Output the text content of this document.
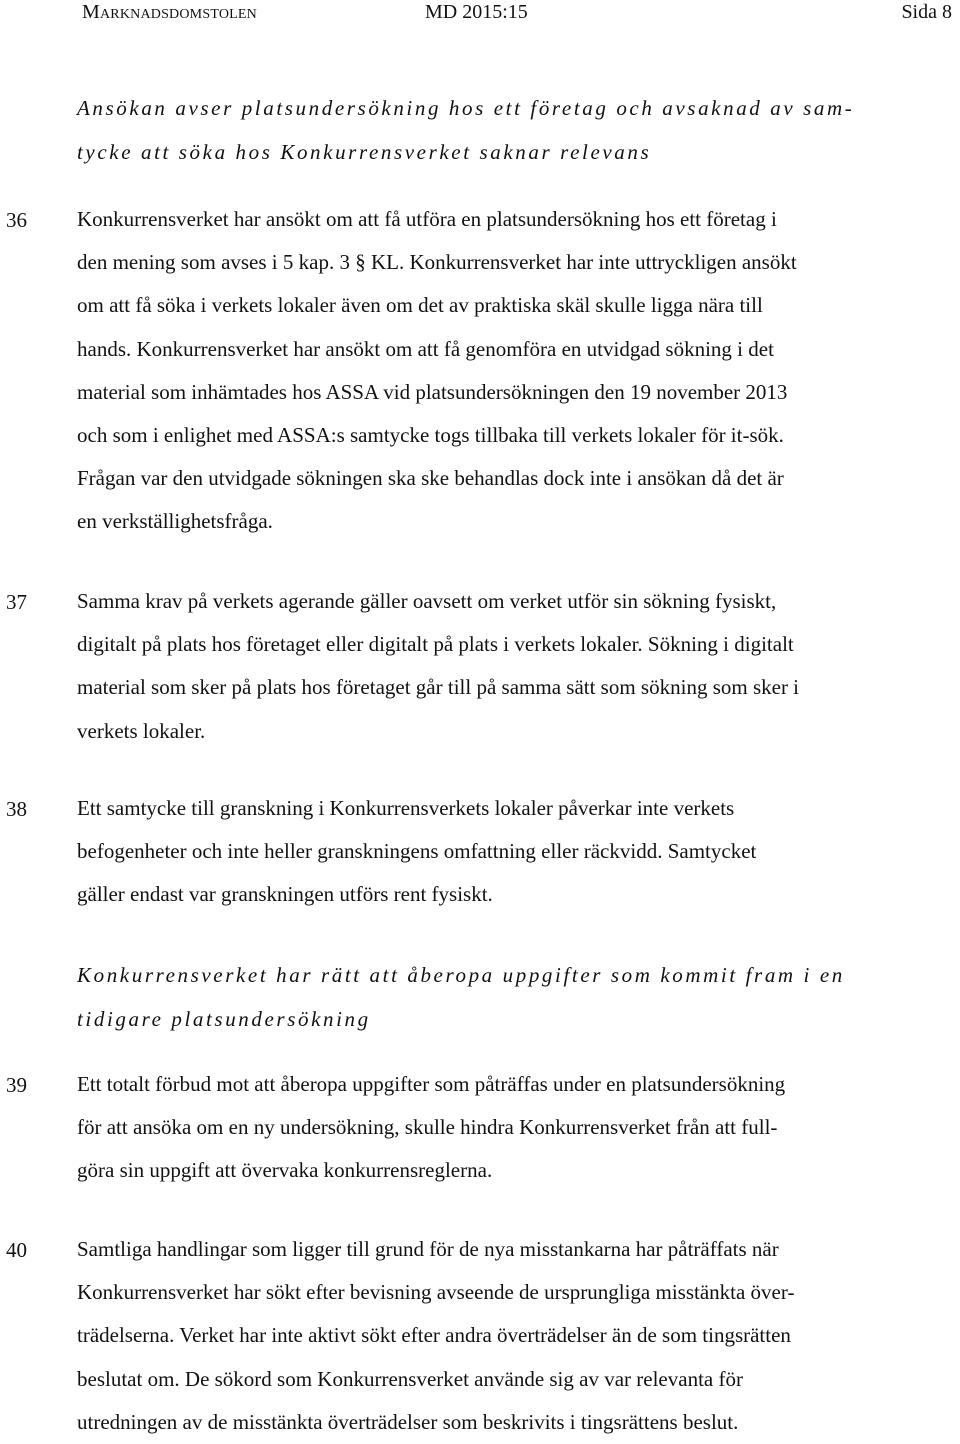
Marknadsdomstolen	MD 2015:15	Sida 8
Ansökan avser platsundersökning hos ett företag och avsaknad av sam-
tycke att söka hos Konkurrensverket saknar relevans
36 Konkurrensverket har ansökt om att få utföra en platsundersökning hos ett företag i
den mening som avses i 5 kap. 3 § KL. Konkurrensverket har inte uttryckligen ansökt
om att få söka i verkets lokaler även om det av praktiska skäl skulle ligga nära till
hands. Konkurrensverket har ansökt om att få genomföra en utvidgad sökning i det
material som inhämtades hos ASSA vid platsundersökningen den 19 november 2013
och som i enlighet med ASSA:s samtycke togs tillbaka till verkets lokaler för it-sök.
Frågan var den utvidgade sökningen ska ske behandlas dock inte i ansökan då det är
en verkställighetsfråga.
37 Samma krav på verkets agerande gäller oavsett om verket utför sin sökning fysiskt,
digitalt på plats hos företaget eller digitalt på plats i verkets lokaler. Sökning i digitalt
material som sker på plats hos företaget går till på samma sätt som sökning som sker i
verkets lokaler.
38 Ett samtycke till granskning i Konkurrensverkets lokaler påverkar inte verkets
befogenheter och inte heller granskningens omfattning eller räckvidd. Samtycket
gäller endast var granskningen utförs rent fysiskt.
Konkurrensverket har rätt att åberopa uppgifter som kommit fram i en
tidigare platsundersökning
39 Ett totalt förbud mot att åberopa uppgifter som påträffas under en platsundersökning
för att ansöka om en ny undersökning, skulle hindra Konkurrensverket från att full-
göra sin uppgift att övervaka konkurrensreglerna.
40 Samtliga handlingar som ligger till grund för de nya misstankarna har påträffats när
Konkurrensverket har sökt efter bevisning avseende de ursprungliga misstänkta över-
trädelserna. Verket har inte aktivt sökt efter andra överträdelser än de som tingsrätten
beslutat om. De sökord som Konkurrensverket använde sig av var relevanta för
utredningen av de misstänkta överträdelser som beskrivits i tingsrättens beslut.
